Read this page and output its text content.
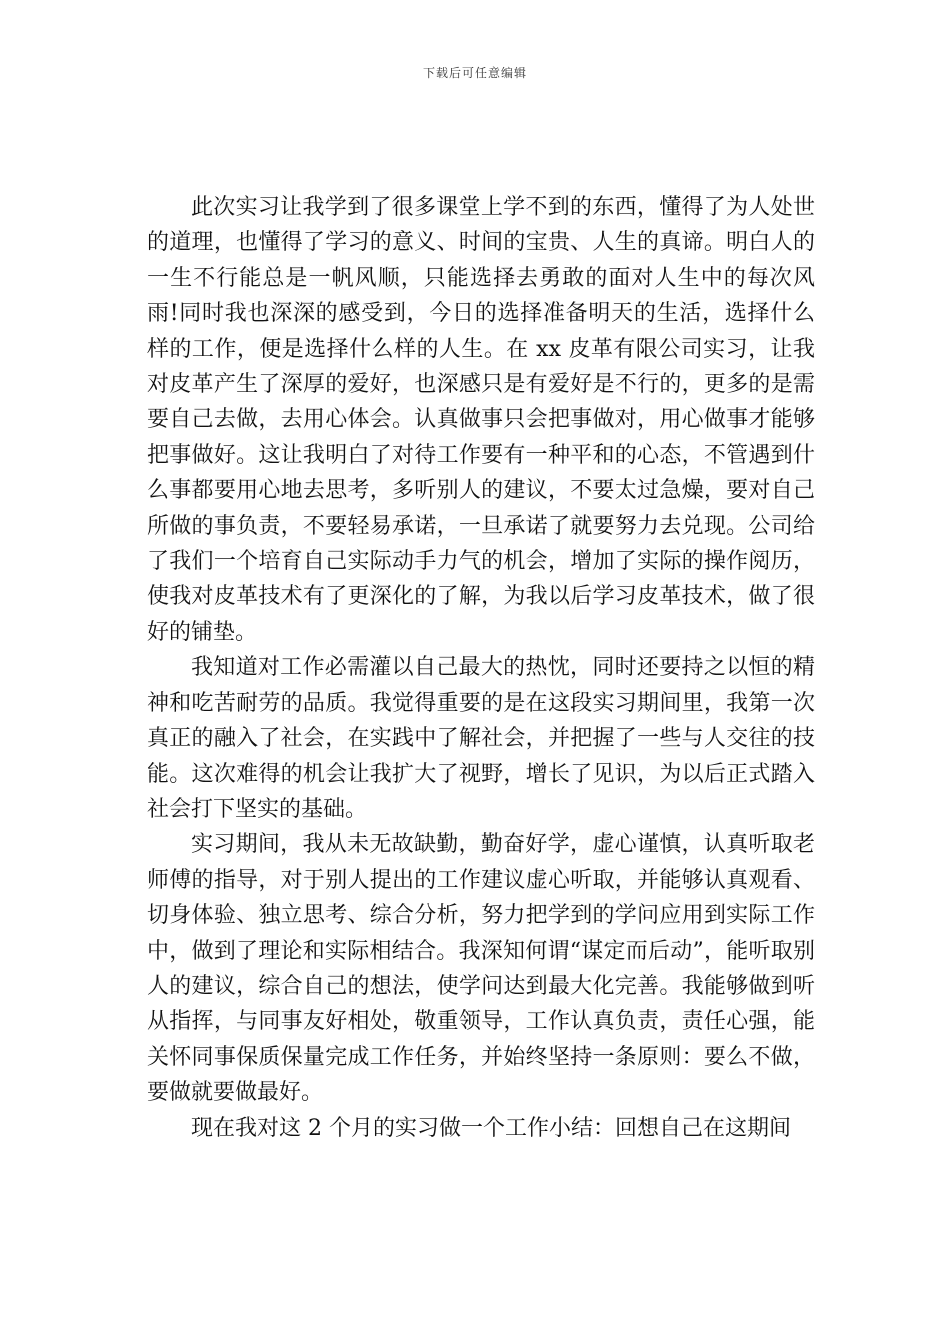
下载后可任意编辑

此次实习让我学到了很多课堂上学不到的东西，懂得了为人处世的道理，也懂得了学习的意义、时间的宝贵、人生的真谛。明白人的一生不行能总是一帆风顺，只能选择去勇敢的面对人生中的每次风雨!同时我也深深的感受到，今日的选择准备明天的生活，选择什么样的工作，便是选择什么样的人生。在 xx 皮革有限公司实习，让我对皮革产生了深厚的爱好，也深感只是有爱好是不行的，更多的是需要自己去做，去用心体会。认真做事只会把事做对，用心做事才能够把事做好。这让我明白了对待工作要有一种平和的心态，不管遇到什么事都要用心地去思考，多听别人的建议，不要太过急燥，要对自己所做的事负责，不要轻易承诺，一旦承诺了就要努力去兑现。公司给了我们一个培育自己实际动手力气的机会，增加了实际的操作阅历，使我对皮革技术有了更深化的了解，为我以后学习皮革技术，做了很好的铺垫。

我知道对工作必需灌以自己最大的热忱，同时还要持之以恒的精神和吃苦耐劳的品质。我觉得重要的是在这段实习期间里，我第一次真正的融入了社会，在实践中了解社会，并把握了一些与人交往的技能。这次难得的机会让我扩大了视野，增长了见识，为以后正式踏入社会打下坚实的基础。

实习期间，我从未无故缺勤，勤奋好学，虚心谨慎，认真听取老师傅的指导，对于别人提出的工作建议虚心听取，并能够认真观看、切身体验、独立思考、综合分析，努力把学到的学问应用到实际工作中，做到了理论和实际相结合。我深知何谓“谋定而后动”，能听取别人的建议，综合自己的想法，使学问达到最大化完善。我能够做到听从指挥，与同事友好相处，敬重领导，工作认真负责，责任心强，能关怀同事保质保量完成工作任务，并始终坚持一条原则：要么不做，要做就要做最好。

现在我对这 2 个月的实习做一个工作小结：回想自己在这期间
